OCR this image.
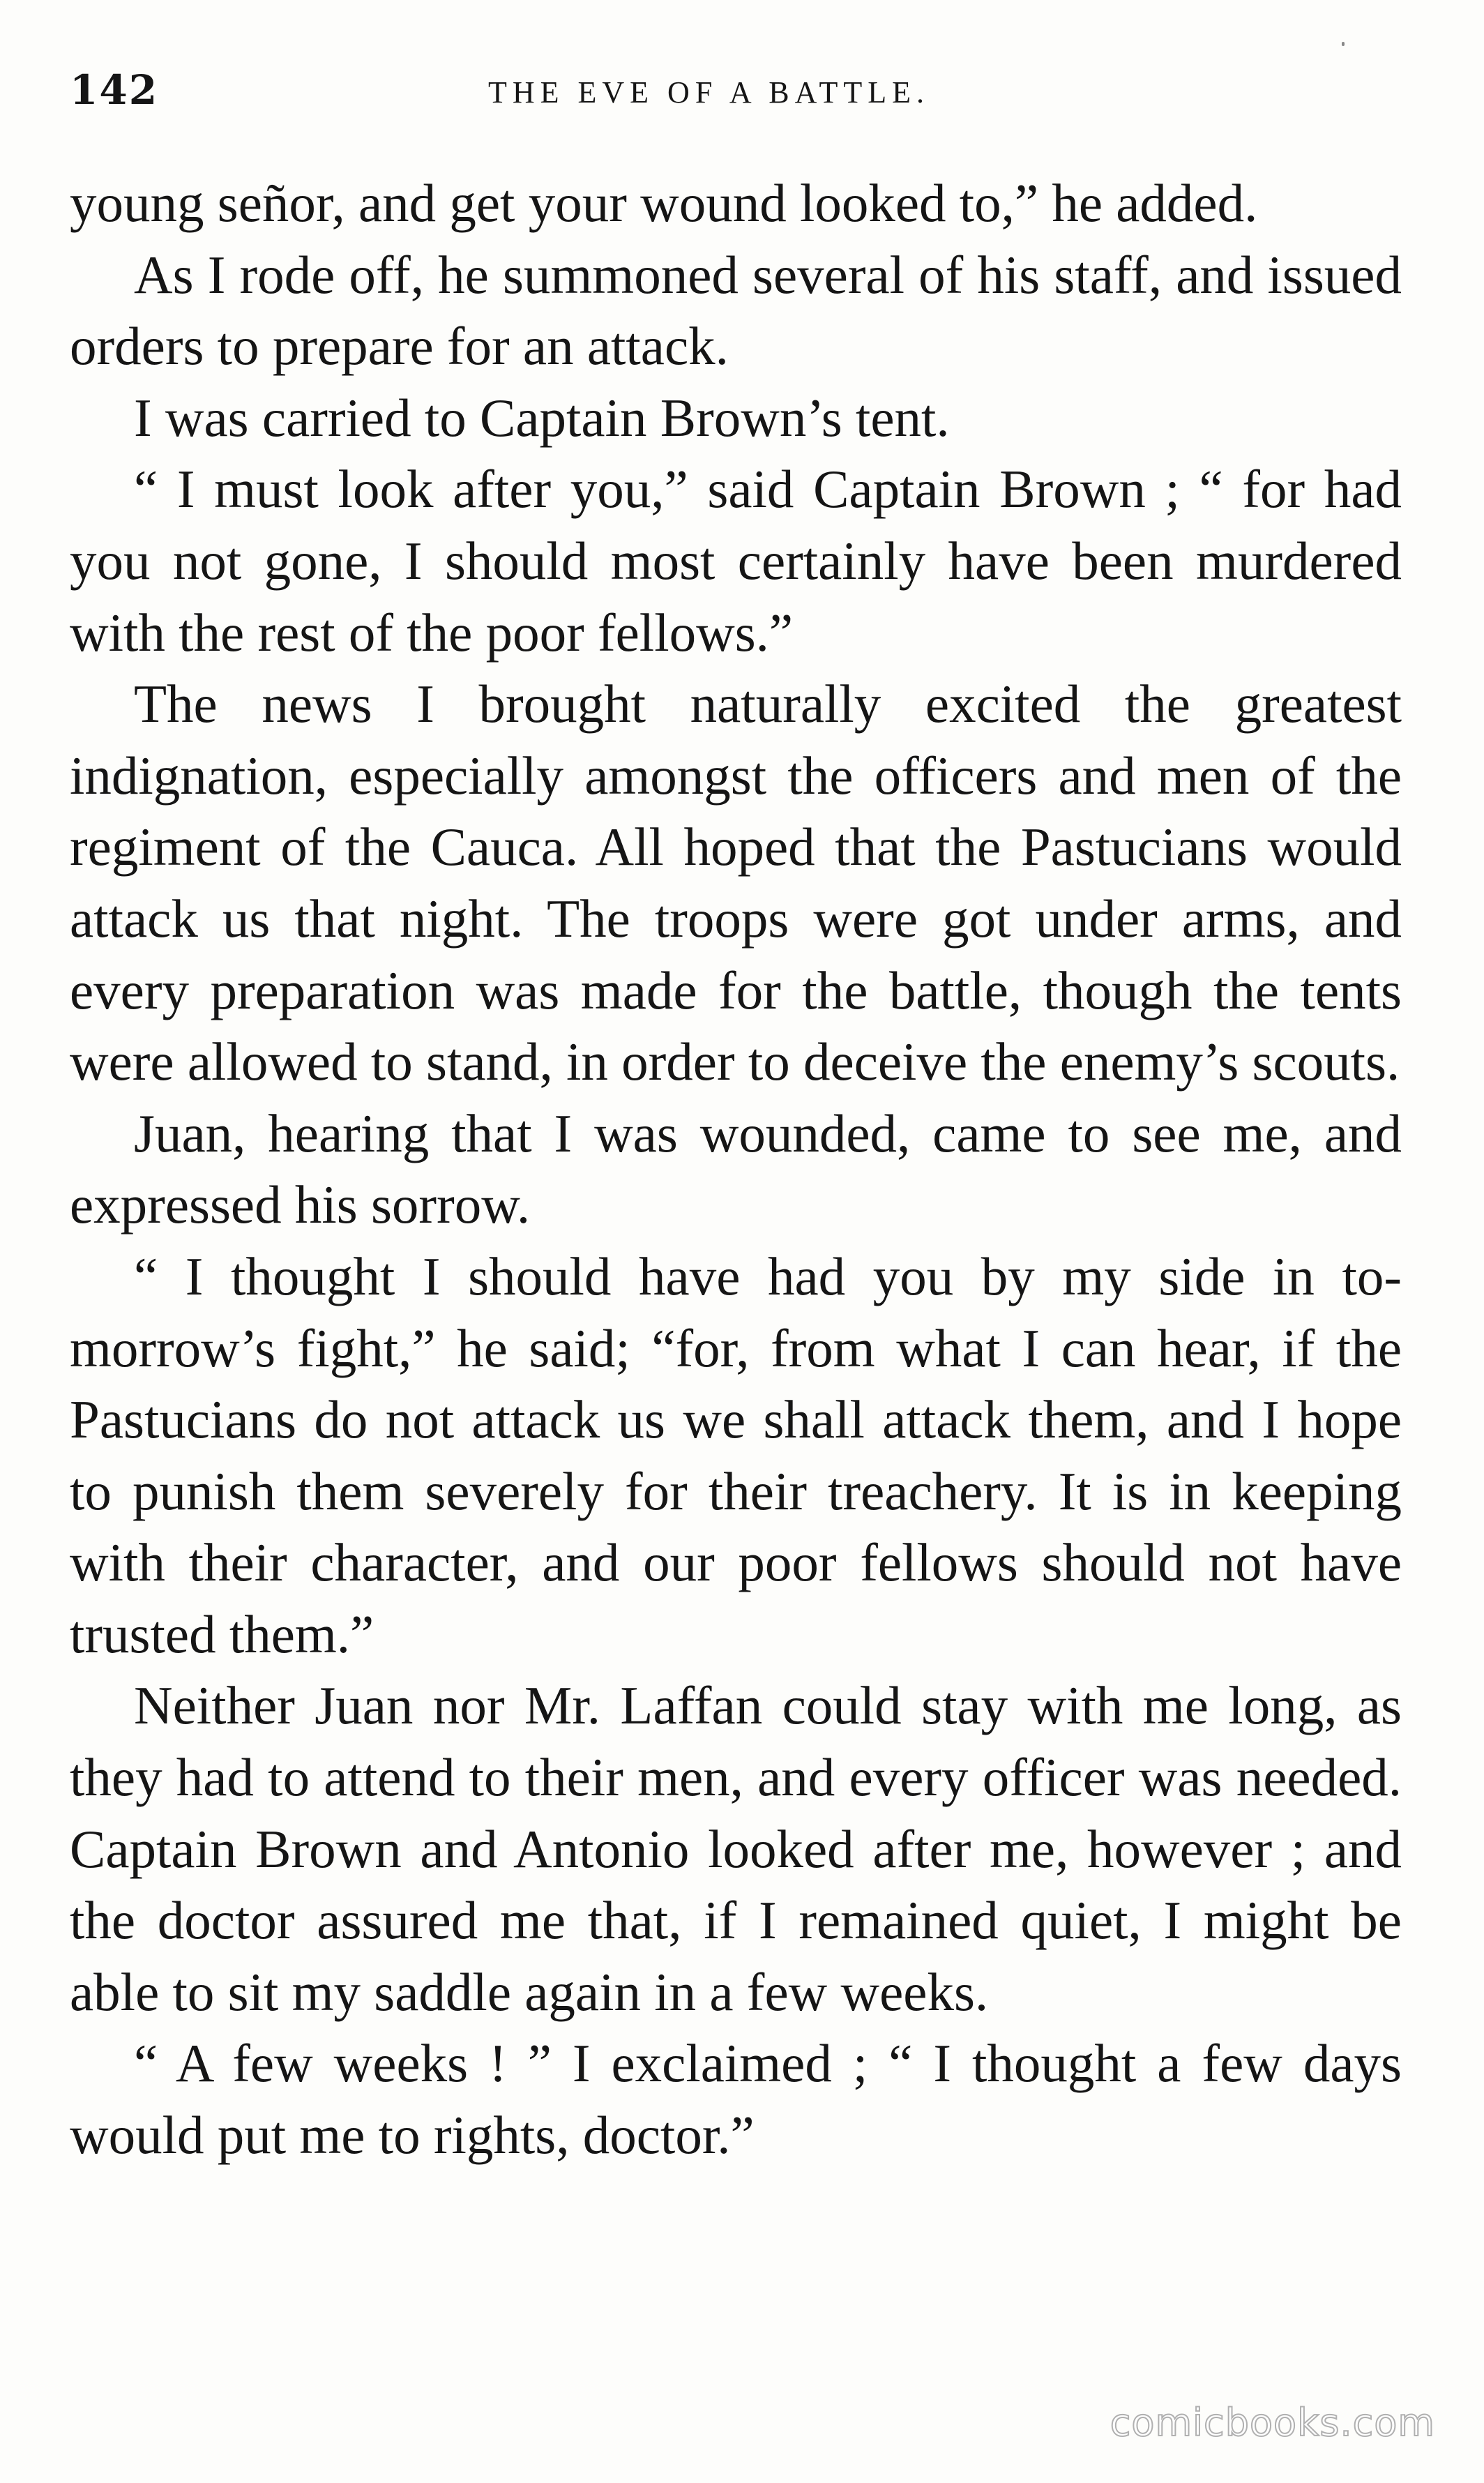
142	THE EVE OF A BATTLE.

young señor, and get your wound looked to,” he added.

As I rode off, he summoned several of his staff, and issued orders to prepare for an attack.

I was carried to Captain Brown’s tent.

“ I must look after you,” said Captain Brown ; “ for had you not gone, I should most certainly have been murdered with the rest of the poor fellows.”

The news I brought naturally excited the greatest indignation, especially amongst the officers and men of the regiment of the Cauca. All hoped that the Pastucians would attack us that night. The troops were got under arms, and every preparation was made for the battle, though the tents were allowed to stand, in order to deceive the enemy’s scouts.

Juan, hearing that I was wounded, came to see me, and expressed his sorrow.

“ I thought I should have had you by my side in to-morrow’s fight,” he said; “for, from what I can hear, if the Pastucians do not attack us we shall attack them, and I hope to punish them severely for their treachery. It is in keeping with their character, and our poor fellows should not have trusted them.”

Neither Juan nor Mr. Laffan could stay with me long, as they had to attend to their men, and every officer was needed. Captain Brown and Antonio looked after me, however ; and the doctor assured me that, if I remained quiet, I might be able to sit my saddle again in a few weeks.

“ A few weeks ! ” I exclaimed ; “ I thought a few days would put me to rights, doctor.”

comicbooks.com
